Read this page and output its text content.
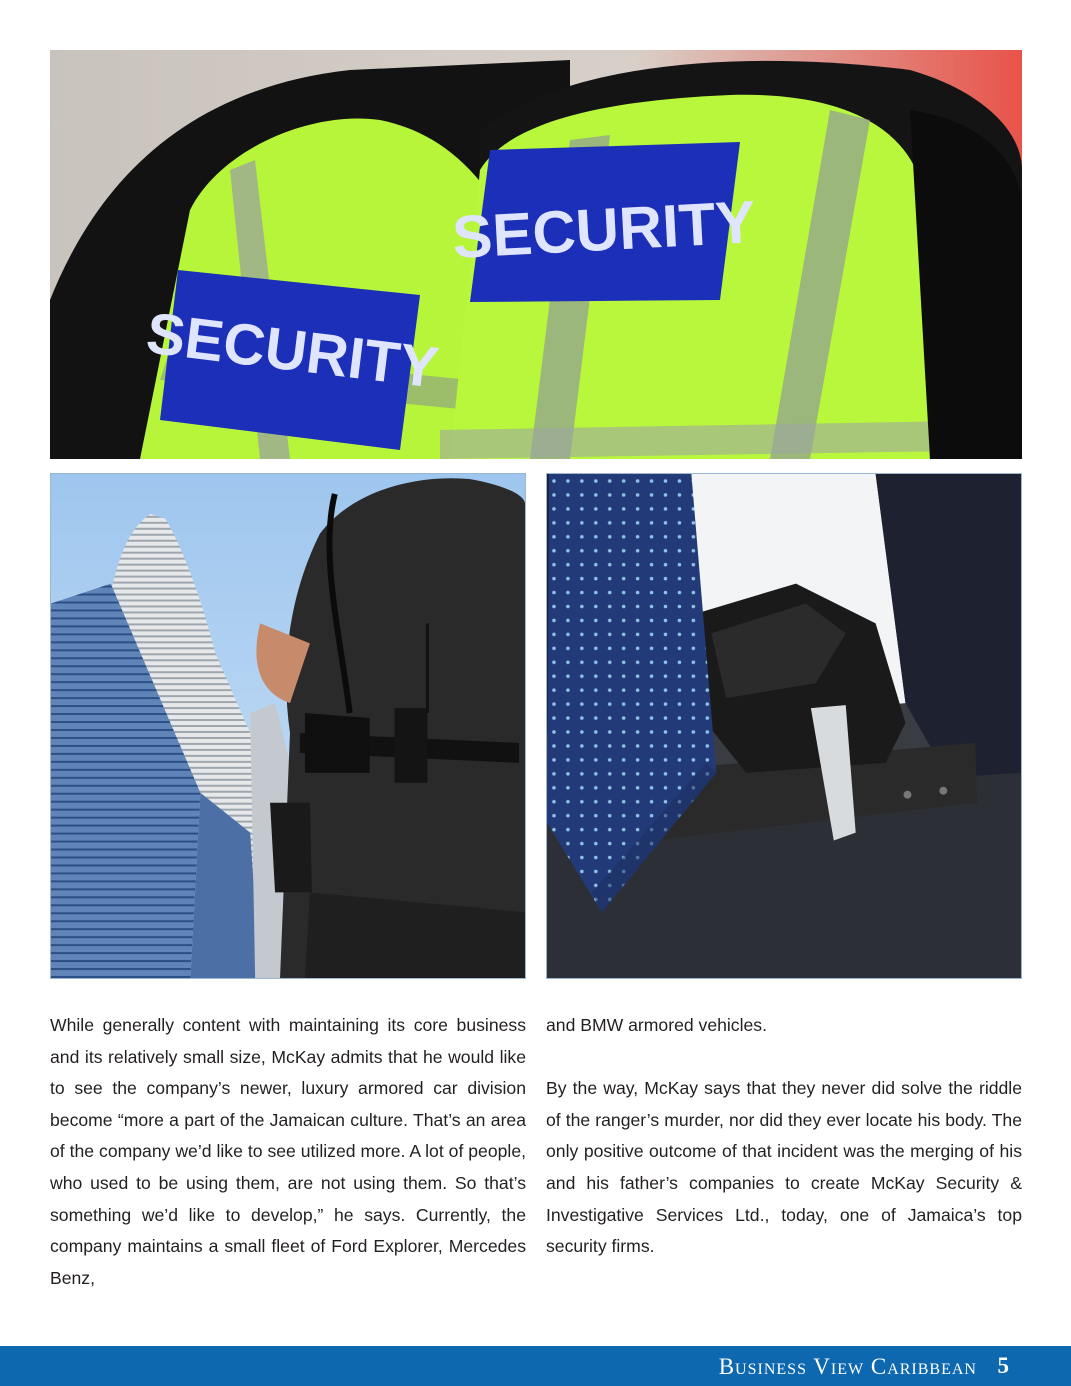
SECURITY
SECURITY

While generally content with maintaining its core business and its relatively small size, McKay admits that he would like to see the company’s newer, luxury armored car division become “more a part of the Jamaican culture. That’s an area of the company we’d like to see utilized more. A lot of people, who used to be using them, are not using them. So that’s something we’d like to develop,” he says. Currently, the company maintains a small fleet of Ford Explorer, Mercedes Benz,

and BMW armored vehicles.

By the way, McKay says that they never did solve the riddle of the ranger’s murder, nor did they ever locate his body. The only positive outcome of that incident was the merging of his and his father’s companies to create McKay Security & Investigative Services Ltd., today, one of Jamaica’s top security firms.

Business View Caribbean 5
